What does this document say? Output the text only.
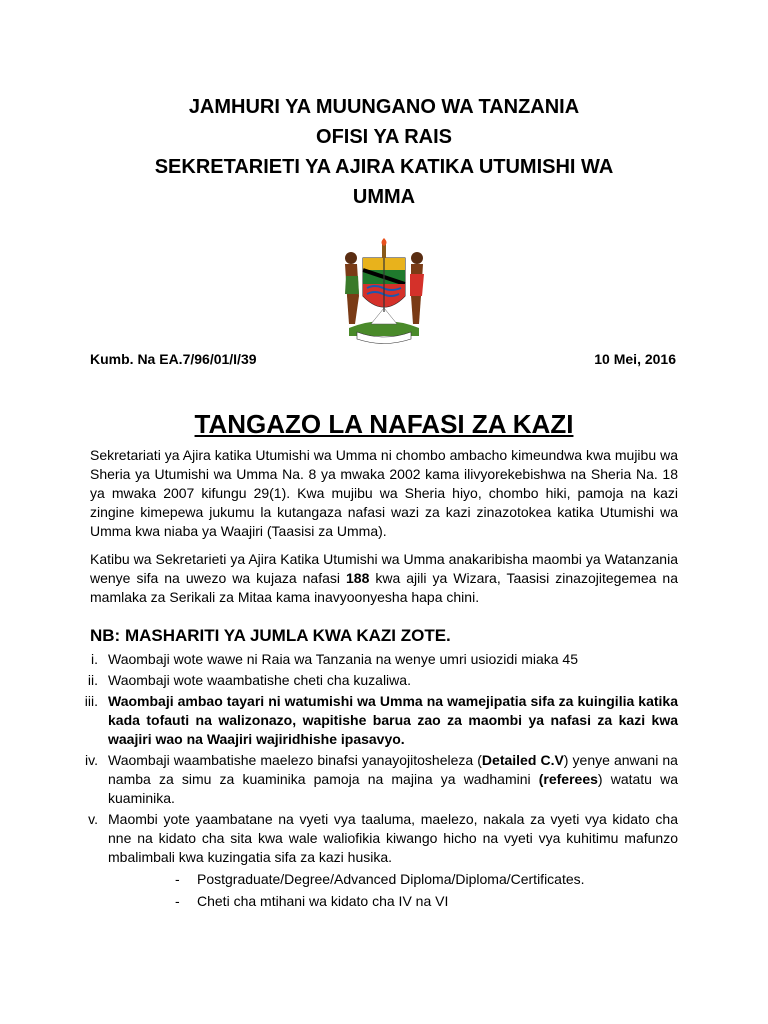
JAMHURI YA MUUNGANO WA TANZANIA
OFISI YA RAIS
SEKRETARIETI YA AJIRA KATIKA UTUMISHI WA
UMMA
Kumb. Na EA.7/96/01/I/39	10 Mei, 2016
TANGAZO LA NAFASI ZA KAZI
Sekretariati ya Ajira katika Utumishi wa Umma ni chombo ambacho kimeundwa kwa mujibu wa Sheria ya Utumishi wa Umma Na. 8 ya mwaka 2002 kama ilivyorekebishwa na Sheria Na. 18 ya mwaka 2007 kifungu 29(1). Kwa mujibu wa Sheria hiyo, chombo hiki, pamoja na kazi zingine kimepewa jukumu la kutangaza nafasi wazi za kazi zinazotokea katika Utumishi wa Umma kwa niaba ya Waajiri (Taasisi za Umma).
Katibu wa Sekretarieti ya Ajira Katika Utumishi wa Umma anakaribisha maombi ya Watanzania wenye sifa na uwezo wa kujaza nafasi 188 kwa ajili ya Wizara, Taasisi zinazojitegemea na mamlaka za Serikali za Mitaa kama inavyoonyesha hapa chini.
NB: MASHARITI YA JUMLA KWA KAZI ZOTE.
i. Waombaji wote wawe ni Raia wa Tanzania na wenye umri usiozidi miaka 45
ii. Waombaji wote waambatishe cheti cha kuzaliwa.
iii. Waombaji ambao tayari ni watumishi wa Umma na wamejipatia sifa za kuingilia katika kada tofauti na walizonazo, wapitishe barua zao za maombi ya nafasi za kazi kwa waajiri wao na Waajiri wajiridhishe ipasavyo.
iv. Waombaji waambatishe maelezo binafsi yanayojitosheleza (Detailed C.V) yenye anwani na namba za simu za kuaminika pamoja na majina ya wadhamini (referees) watatu wa kuaminika.
v. Maombi yote yaambatane na vyeti vya taaluma, maelezo, nakala za vyeti vya kidato cha nne na kidato cha sita kwa wale waliofikia kiwango hicho na vyeti vya kuhitimu mafunzo mbalimbali kwa kuzingatia sifa za kazi husika.
- Postgraduate/Degree/Advanced Diploma/Diploma/Certificates.
- Cheti cha mtihani wa kidato cha IV na VI
